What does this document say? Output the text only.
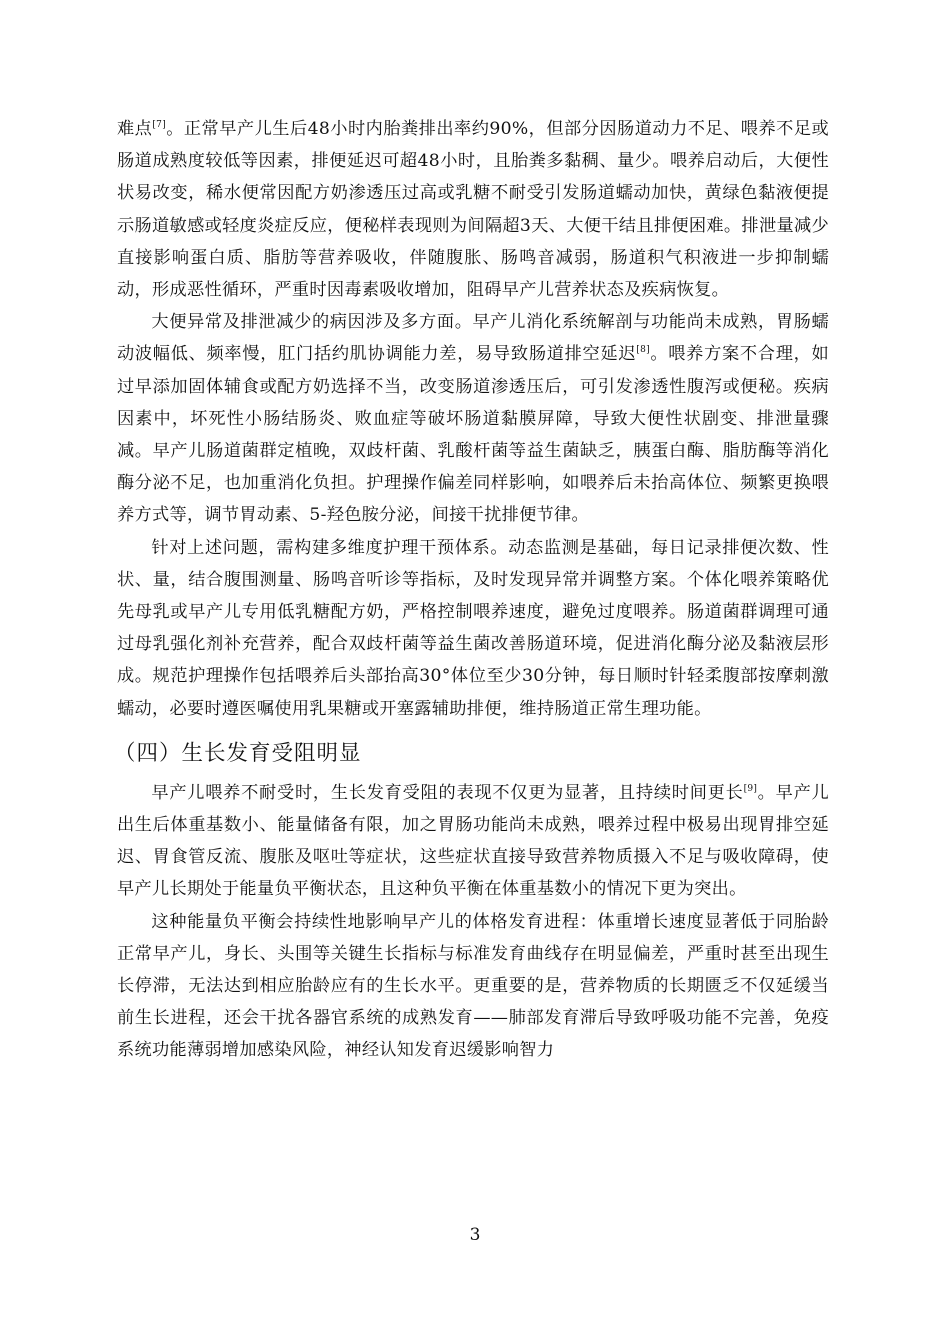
难点[7]。正常早产儿生后48小时内胎粪排出率约90%，但部分因肠道动力不足、喂养不足或肠道成熟度较低等因素，排便延迟可超48小时，且胎粪多黏稠、量少。喂养启动后，大便性状易改变，稀水便常因配方奶渗透压过高或乳糖不耐受引发肠道蠕动加快，黄绿色黏液便提示肠道敏感或轻度炎症反应，便秘样表现则为间隔超3天、大便干结且排便困难。排泄量减少直接影响蛋白质、脂肪等营养吸收，伴随腹胀、肠鸣音减弱，肠道积气积液进一步抑制蠕动，形成恶性循环，严重时因毒素吸收增加，阻碍早产儿营养状态及疾病恢复。

大便异常及排泄减少的病因涉及多方面。早产儿消化系统解剖与功能尚未成熟，胃肠蠕动波幅低、频率慢，肛门括约肌协调能力差，易导致肠道排空延迟[8]。喂养方案不合理，如过早添加固体辅食或配方奶选择不当，改变肠道渗透压后，可引发渗透性腹泻或便秘。疾病因素中，坏死性小肠结肠炎、败血症等破坏肠道黏膜屏障，导致大便性状剧变、排泄量骤减。早产儿肠道菌群定植晚，双歧杆菌、乳酸杆菌等益生菌缺乏，胰蛋白酶、脂肪酶等消化酶分泌不足，也加重消化负担。护理操作偏差同样影响，如喂养后未抬高体位、频繁更换喂养方式等，调节胃动素、5-羟色胺分泌，间接干扰排便节律。

针对上述问题，需构建多维度护理干预体系。动态监测是基础，每日记录排便次数、性状、量，结合腹围测量、肠鸣音听诊等指标，及时发现异常并调整方案。个体化喂养策略优先母乳或早产儿专用低乳糖配方奶，严格控制喂养速度，避免过度喂养。肠道菌群调理可通过母乳强化剂补充营养，配合双歧杆菌等益生菌改善肠道环境，促进消化酶分泌及黏液层形成。规范护理操作包括喂养后头部抬高30°体位至少30分钟，每日顺时针轻柔腹部按摩刺激蠕动，必要时遵医嘱使用乳果糖或开塞露辅助排便，维持肠道正常生理功能。

（四）生长发育受阻明显

早产儿喂养不耐受时，生长发育受阻的表现不仅更为显著，且持续时间更长[9]。早产儿出生后体重基数小、能量储备有限，加之胃肠功能尚未成熟，喂养过程中极易出现胃排空延迟、胃食管反流、腹胀及呕吐等症状，这些症状直接导致营养物质摄入不足与吸收障碍，使早产儿长期处于能量负平衡状态，且这种负平衡在体重基数小的情况下更为突出。

这种能量负平衡会持续性地影响早产儿的体格发育进程：体重增长速度显著低于同胎龄正常早产儿，身长、头围等关键生长指标与标准发育曲线存在明显偏差，严重时甚至出现生长停滞，无法达到相应胎龄应有的生长水平。更重要的是，营养物质的长期匮乏不仅延缓当前生长进程，还会干扰各器官系统的成熟发育——肺部发育滞后导致呼吸功能不完善，免疫系统功能薄弱增加感染风险，神经认知发育迟缓影响智力

3
